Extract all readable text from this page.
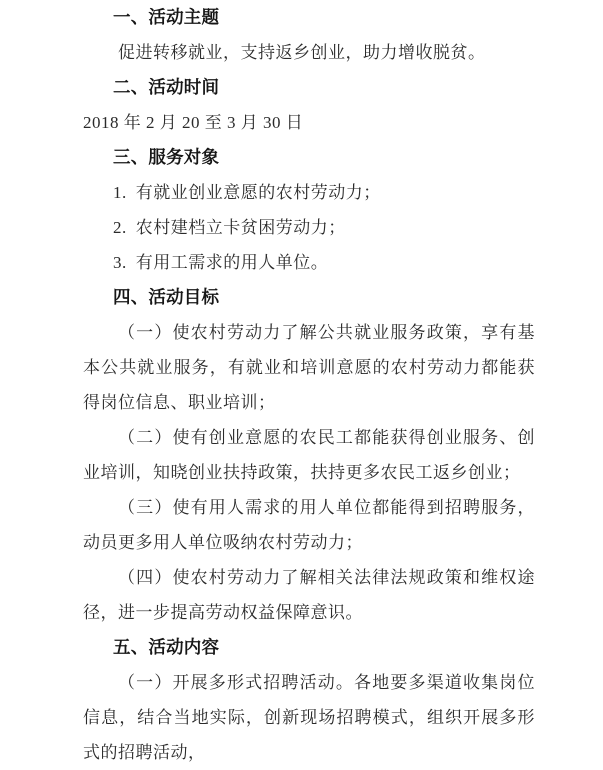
一、活动主题
促进转移就业，支持返乡创业，助力增收脱贫。
二、活动时间
2018 年 2 月 20 至 3 月 30 日
三、服务对象
1. 有就业创业意愿的农村劳动力；
2. 农村建档立卡贫困劳动力；
3. 有用工需求的用人单位。
四、活动目标
（一）使农村劳动力了解公共就业服务政策，享有基本公共就业服务，有就业和培训意愿的农村劳动力都能获得岗位信息、职业培训；
（二）使有创业意愿的农民工都能获得创业服务、创业培训，知晓创业扶持政策，扶持更多农民工返乡创业；
（三）使有用人需求的用人单位都能得到招聘服务，动员更多用人单位吸纳农村劳动力；
（四）使农村劳动力了解相关法律法规政策和维权途径，进一步提高劳动权益保障意识。
五、活动内容
（一）开展多形式招聘活动。各地要多渠道收集岗位信息，结合当地实际，创新现场招聘模式，组织开展多形式的招聘活动，
